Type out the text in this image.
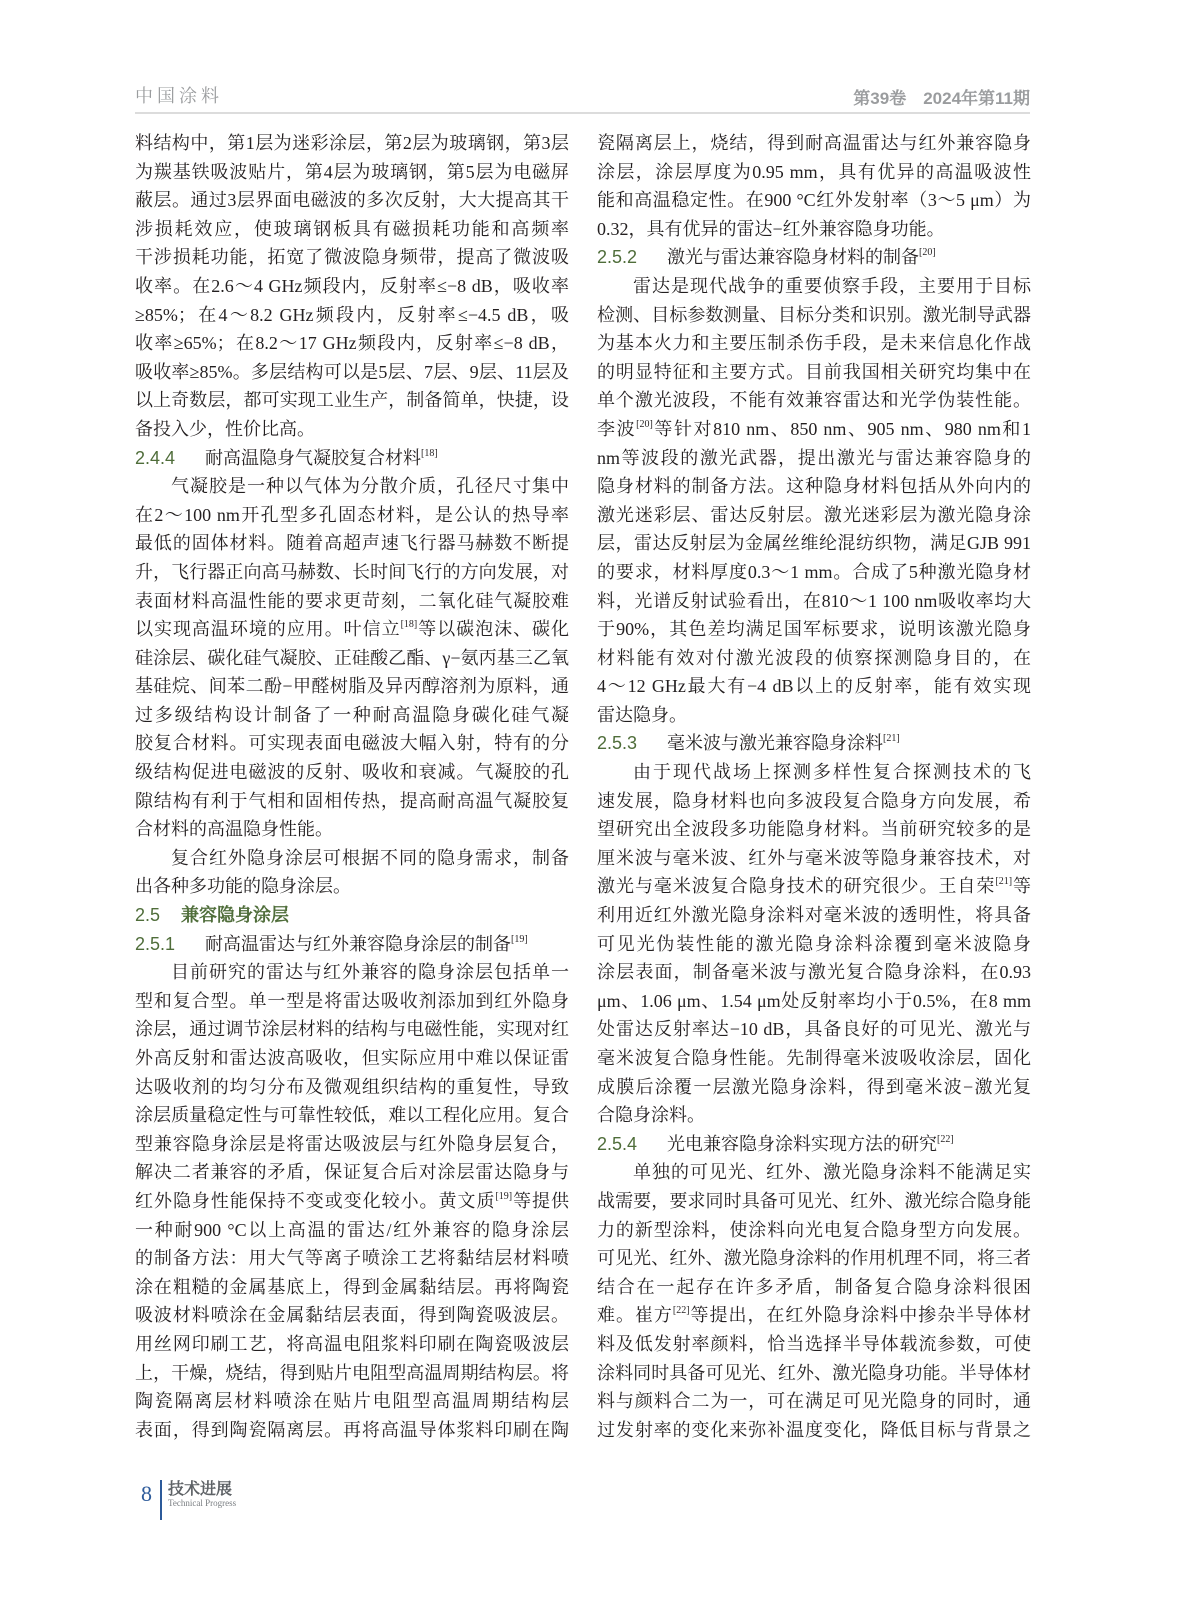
中国涂料	第39卷　2024年第11期
料结构中，第1层为迷彩涂层，第2层为玻璃钢，第3层
为羰基铁吸波贴片，第4层为玻璃钢，第5层为电磁屏
蔽层。通过3层界面电磁波的多次反射，大大提高其干
涉损耗效应，使玻璃钢板具有磁损耗功能和高频率
干涉损耗功能，拓宽了微波隐身频带，提高了微波吸
收率。在2.6～4 GHz频段内，反射率≤−8 dB，吸收率
≥85%；在4～8.2 GHz频段内，反射率≤−4.5 dB，吸
收率≥65%；在8.2～17 GHz频段内，反射率≤−8 dB，
吸收率≥85%。多层结构可以是5层、7层、9层、11层及
以上奇数层，都可实现工业生产，制备简单，快捷，设
备投入少，性价比高。
2.4.4 耐高温隐身气凝胶复合材料[18]
气凝胶是一种以气体为分散介质，孔径尺寸集中
在2～100 nm开孔型多孔固态材料，是公认的热导率
最低的固体材料。随着高超声速飞行器马赫数不断提
升，飞行器正向高马赫数、长时间飞行的方向发展，对
表面材料高温性能的要求更苛刻，二氧化硅气凝胶难
以实现高温环境的应用。叶信立[18]等以碳泡沫、碳化
硅涂层、碳化硅气凝胶、正硅酸乙酯、γ−氨丙基三乙氧
基硅烷、间苯二酚−甲醛树脂及异丙醇溶剂为原料，通
过多级结构设计制备了一种耐高温隐身碳化硅气凝
胶复合材料。可实现表面电磁波大幅入射，特有的分
级结构促进电磁波的反射、吸收和衰减。气凝胶的孔
隙结构有利于气相和固相传热，提高耐高温气凝胶复
合材料的高温隐身性能。
复合红外隐身涂层可根据不同的隐身需求，制备
出各种多功能的隐身涂层。
2.5 兼容隐身涂层
2.5.1 耐高温雷达与红外兼容隐身涂层的制备[19]
目前研究的雷达与红外兼容的隐身涂层包括单一
型和复合型。单一型是将雷达吸收剂添加到红外隐身
涂层，通过调节涂层材料的结构与电磁性能，实现对红
外高反射和雷达波高吸收，但实际应用中难以保证雷
达吸收剂的均匀分布及微观组织结构的重复性，导致
涂层质量稳定性与可靠性较低，难以工程化应用。复合
型兼容隐身涂层是将雷达吸波层与红外隐身层复合，
解决二者兼容的矛盾，保证复合后对涂层雷达隐身与
红外隐身性能保持不变或变化较小。黄文质[19]等提供
一种耐900 °C以上高温的雷达/红外兼容的隐身涂层
的制备方法：用大气等离子喷涂工艺将黏结层材料喷
涂在粗糙的金属基底上，得到金属黏结层。再将陶瓷
吸波材料喷涂在金属黏结层表面，得到陶瓷吸波层。
用丝网印刷工艺，将高温电阻浆料印刷在陶瓷吸波层
上，干燥，烧结，得到贴片电阻型高温周期结构层。将
陶瓷隔离层材料喷涂在贴片电阻型高温周期结构层
表面，得到陶瓷隔离层。再将高温导体浆料印刷在陶
瓷隔离层上，烧结，得到耐高温雷达与红外兼容隐身
涂层，涂层厚度为0.95 mm，具有优异的高温吸波性
能和高温稳定性。在900 °C红外发射率（3～5 μm）为
0.32，具有优异的雷达−红外兼容隐身功能。
2.5.2 激光与雷达兼容隐身材料的制备[20]
雷达是现代战争的重要侦察手段，主要用于目标
检测、目标参数测量、目标分类和识别。激光制导武器
为基本火力和主要压制杀伤手段，是未来信息化作战
的明显特征和主要方式。目前我国相关研究均集中在
单个激光波段，不能有效兼容雷达和光学伪装性能。
李波[20]等针对810 nm、850 nm、905 nm、980 nm和1
nm等波段的激光武器，提出激光与雷达兼容隐身的
隐身材料的制备方法。这种隐身材料包括从外向内的
激光迷彩层、雷达反射层。激光迷彩层为激光隐身涂
层，雷达反射层为金属丝维纶混纺织物，满足GJB 991
的要求，材料厚度0.3～1 mm。合成了5种激光隐身材
料，光谱反射试验看出，在810～1 100 nm吸收率均大
于90%，其色差均满足国军标要求，说明该激光隐身
材料能有效对付激光波段的侦察探测隐身目的，在
4～12 GHz最大有−4 dB以上的反射率，能有效实现
雷达隐身。
2.5.3 毫米波与激光兼容隐身涂料[21]
由于现代战场上探测多样性复合探测技术的飞
速发展，隐身材料也向多波段复合隐身方向发展，希
望研究出全波段多功能隐身材料。当前研究较多的是
厘米波与毫米波、红外与毫米波等隐身兼容技术，对
激光与毫米波复合隐身技术的研究很少。王自荣[21]等
利用近红外激光隐身涂料对毫米波的透明性，将具备
可见光伪装性能的激光隐身涂料涂覆到毫米波隐身
涂层表面，制备毫米波与激光复合隐身涂料，在0.93
μm、1.06 μm、1.54 μm处反射率均小于0.5%，在8 mm
处雷达反射率达−10 dB，具备良好的可见光、激光与
毫米波复合隐身性能。先制得毫米波吸收涂层，固化
成膜后涂覆一层激光隐身涂料，得到毫米波−激光复
合隐身涂料。
2.5.4 光电兼容隐身涂料实现方法的研究[22]
单独的可见光、红外、激光隐身涂料不能满足实
战需要，要求同时具备可见光、红外、激光综合隐身能
力的新型涂料，使涂料向光电复合隐身型方向发展。
可见光、红外、激光隐身涂料的作用机理不同，将三者
结合在一起存在许多矛盾，制备复合隐身涂料很困
难。崔方[22]等提出，在红外隐身涂料中掺杂半导体材
料及低发射率颜料，恰当选择半导体载流参数，可使
涂料同时具备可见光、红外、激光隐身功能。半导体材
料与颜料合二为一，可在满足可见光隐身的同时，通
过发射率的变化来弥补温度变化，降低目标与背景之
8 技术进展
Technical Progress
